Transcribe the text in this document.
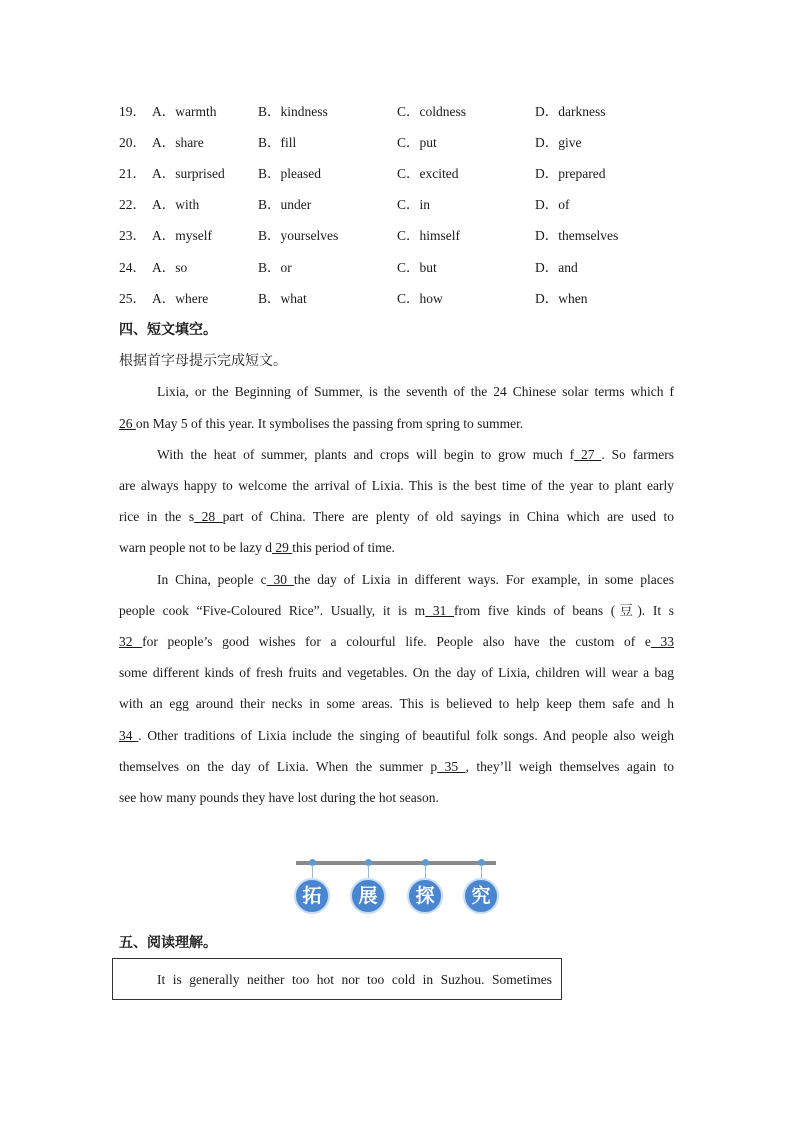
19． A．warmth	B．kindness	C．coldness	D．darkness
20． A．share	B．fill	C．put	D．give
21． A．surprised B．pleased	C．excited	D．prepared
22． A．with	B．under	C．in	D．of
23． A．myself	B．yourselves	C．himself	D．themselves
24． A．so	B．or	C．but	D．and
25． A．where	B．what	C．how	D．when
四、短文填空。
根据首字母提示完成短文。
Lixia, or the Beginning of Summer, is the seventh of the 24 Chinese solar terms which f
26 on May 5 of this year. It symbolises the passing from spring to summer.
With the heat of summer, plants and crops will begin to grow much f 27 . So farmers
are always happy to welcome the arrival of Lixia. This is the best time of the year to plant early
rice in the s 28 part of China. There are plenty of old sayings in China which are used to
warn people not to be lazy d 29 this period of time.
In China, people c 30 the day of Lixia in different ways. For example, in some places
people cook “Five-Coloured Rice”. Usually, it is m 31 from five kinds of beans (豆). It s
32 for people’s good wishes for a colourful life. People also have the custom of e 33
some different kinds of fresh fruits and vegetables. On the day of Lixia, children will wear a bag
with an egg around their necks in some areas. This is believed to help keep them safe and h
34 . Other traditions of Lixia include the singing of beautiful folk songs. And people also weigh
themselves on the day of Lixia. When the summer p 35 , they’ll weigh themselves again to
see how many pounds they have lost during the hot season.
拓	展	探	究
五、阅读理解。
It is generally neither too hot nor too cold in Suzhou. Sometimes
